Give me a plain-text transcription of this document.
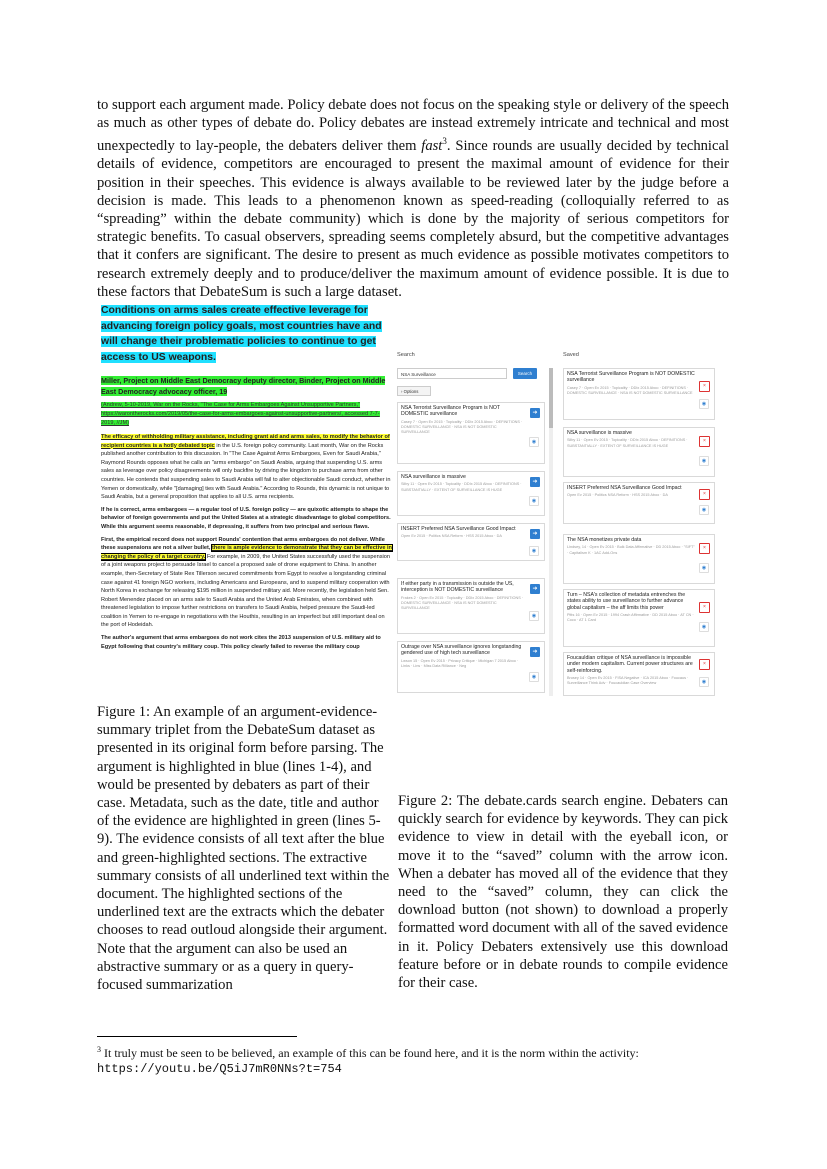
to support each argument made. Policy debate does not focus on the speaking style or delivery of the speech as much as other types of debate do. Policy debates are instead extremely intricate and technical and most unexpectedly to lay-people, the debaters deliver them fast$^3$. Since rounds are usually decided by technical details of evidence, competitors are encouraged to present the maximal amount of evidence for their position in their speeches. This evidence is always available to be reviewed later by the judge before a decision is made. This leads to a phenomenon known as speed-reading (colloquially referred to as “spreading” within the debate community) which is done by the majority of serious competitors for strategic benefits. To casual observers, spreading seems completely absurd, but the competitive advantages that it confers are significant. The desire to present as much evidence as possible motivates competitors to research extremely deeply and to produce/deliver the maximum amount of evidence possible. It is due to these factors that DebateSum is such a large dataset.

Conditions on arms sales create effective leverage for advancing foreign policy goals, most countries have and will change their problematic policies to continue to get access to US weapons.

Miller, Project on Middle East Democracy deputy director, Binder, Project on Middle East Democracy advocacy officer, 19

(Andrew, 5-10-2019, War on the Rocks, "The Case for Arms Embargoes Against Unsupportive Partners," https://warontherocks.com/2019/05/the-case-for-arms-embargoes-against-unsupportive-partners/, accessed 7-7-2019, //JM)

The efficacy of withholding military assistance, including grant aid and arms sales, to modify the behavior of recipient countries is a hotly debated topic in the U.S. foreign policy community. Last month, War on the Rocks published another contribution to this discussion. In "The Case Against Arms Embargoes, Even for Saudi Arabia," Raymond Rounds opposes what he calls an "arms embargo" on Saudi Arabia, arguing that suspending U.S. arms sales as leverage over policy disagreements will only backfire by driving the kingdom to purchase arms from other countries. He contends that suspending sales to Saudi Arabia will fail to alter objectionable Saudi conduct, whether in Yemen or domestically, while "[damaging] ties with Saudi Arabia." According to Rounds, this dynamic is not unique to Saudi Arabia, but a general proposition that applies to all U.S. arms recipients.

If he is correct, arms embargoes — a regular tool of U.S. foreign policy — are quixotic attempts to shape the behavior of foreign governments and put the United States at a strategic disadvantage to global competitors. While this argument seems reasonable, if depressing, it suffers from two principal and serious flaws.

First, the empirical record does not support Rounds' contention that arms embargoes do not deliver. While these suspensions are not a silver bullet, there is ample evidence to demonstrate that they can be effective in changing the policy of a target country. For example, in 2009, the United States successfully used the suspension of a joint weapons project to persuade Israel to cancel a proposed sale of drone equipment to China. In another example, then-Secretary of State Rex Tillerson secured commitments from Egypt to resolve a longstanding criminal case against 41 foreign NGO workers, including Americans and Europeans, and to suspend military cooperation with North Korea in exchange for releasing $195 million in suspended military aid. More recently, the legislation held Sen. Robert Menendez placed on an arms sale to Saudi Arabia and the United Arab Emirates, when combined with threatened legislation to impose further restrictions on transfers to Saudi Arabia, helped pressure the Saudi-led coalition in Yemen to re-engage in negotiations with the Houthis, resulting in an imperfect but still important deal on the port of Hodeidah.

The author's argument that arms embargoes do not work cites the 2013 suspension of U.S. military aid to Egypt following that country's military coup. This policy clearly failed to reverse the military coup

Search	Saved
NSA Surveillance	Search
› Options
NSA Terrorist Surveillance Program is NOT DOMESTIC surveillance
Casey 7 · Open Ev 2015 · Topicality · DDIx 2015 Aboo · DEFINITIONS · DOMESTIC SURVEILLANCE · NSA IS NOT DOMESTIC SURVEILLANCE
➜
◉
NSA surveillance is massive
Silby 11 · Open Ev 2015 · Topicality · DDIx 2015 Aboo · DEFINITIONS · SUBSTANTIALLY · EXTENT OF SURVEILLANCE IS HUGE
➜
◉
INSERT Preferred NSA Surveillance Good Impact
Open Ev 2015 · Politics NSA Reform · HSS 2015 Aboo · DA	➜
◉
If either party in a transmission is outside the US, interception is NOT DOMESTIC surveillance
Frakes 2 · Open Ev 2015 · Topicality · DDIx 2015 Aboo · DEFINITIONS · DOMESTIC SURVEILLANCE · NSA IS NOT DOMESTIC SURVEILLANCE
➜
◉
Outrage over NSA surveillance ignores longstanding gendered use of high tech surveillance
Lwson 15 · Open Ev 2015 · Privacy Critique · Michigan 7 2015 Aboo · Links · Lins · Miss Data Rilliance · Neg
➜
◉
NSA Terrorist Surveillance Program is NOT DOMESTIC surveillance
Casey 7 · Open Ev 2015 · Topicality · DDIx 2015 Aboo · DEFINITIONS · DOMESTIC SURVEILLANCE · NSA IS NOT DOMESTIC SURVEILLANCE
×
◉
NSA surveillance is massive
Silby 11 · Open Ev 2015 · Topicality · DDIx 2015 Aboo · DEFINITIONS · SUBSTANTIALLY · EXTENT OF SURVEILLANCE IS HUGE
×
◉
INSERT Preferred NSA Surveillance Good Impact
Open Ev 2015 · Politics NSA Reform · HSS 2015 Aboo · DA	×
◉
The NSA monetizes private data
Lindsey, 14 · Open Ev 2015 · Bulk Data Affirmative · DD 2015 Aboo · "SIFT" · Capitalism K · 1AC Add-Ons
×
◉
Turn – NSA's collection of metadata entrenches the states ability to use surveillance to further advance global capitalism – the aff limits this power
Pitts 16 · Open Ev 2015 · 1994 Crash Affirmative · DD 2015 Aboo · AT CN · Coco · AT 1 Card
×
◉
Foucauldian critique of NSA surveillance is impossible under modern capitalism. Current power structures are self-reinforcing.
Brusey 14 · Open Ev 2015 · FISA Negative · ICA 2015 Aboo · Foucaus · Surveillance Think Adv · Foucauldian Case Overview
×
◉
Figure 1: An example of an argument-evidence-summary triplet from the DebateSum dataset as presented in its original form before parsing. The argument is highlighted in blue (lines 1-4), and would be presented by debaters as part of their case. Metadata, such as the date, title and author of the evidence are highlighted in green (lines 5-9). The evidence consists of all text after the blue and green-highlighted sections. The extractive summary consists of all underlined text within the document. The highlighted sections of the underlined text are the extracts which the debater chooses to read outloud alongside their argument. Note that the argument can also be used an abstractive summary or as a query in query-focused summarization
Figure 2: The debate.cards search engine. Debaters can quickly search for evidence by keywords. They can pick evidence to view in detail with the eyeball icon, or move it to the “saved” column with the arrow icon. When a debater has moved all of the evidence that they need to the “saved” column, they can click the download button (not shown) to download a properly formatted word document with all of the saved evidence in it. Policy Debaters extensively use this download feature before or in debate rounds to compile evidence for their case.
$^3$ It truly must be seen to be believed, an example of this can be found here, and it is the norm within the activity:
https://youtu.be/Q5iJ7mR0NNs?t=754
